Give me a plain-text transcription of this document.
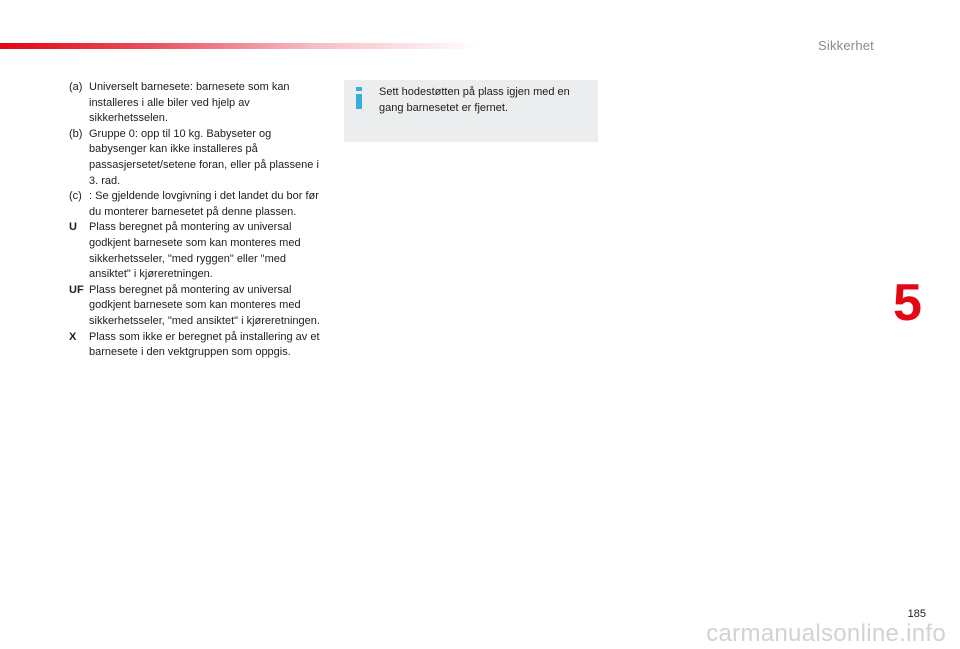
Sikkerhet
(a) Universelt barnesete: barnesete som kan installeres i alle biler ved hjelp av sikkerhetsselen.
(b) Gruppe 0: opp til 10 kg. Babyseter og babysenger kan ikke installeres på passasjersetet/setene foran, eller på plassene i 3. rad.
(c) : Se gjeldende lovgivning i det landet du bor før du monterer barnesetet på denne plassen.
U	Plass beregnet på montering av universal godkjent barnesete som kan monteres med sikkerhetsseler, "med ryggen" eller "med ansiktet" i kjøreretningen.
UF Plass beregnet på montering av universal godkjent barnesete som kan monteres med sikkerhetsseler, "med ansiktet" i kjøreretningen.
X	Plass som ikke er beregnet på installering av et barnesete i den vektgruppen som oppgis.
Sett hodestøtten på plass igjen med en gang barnesetet er fjernet.
5
185
carmanualsonline.info
